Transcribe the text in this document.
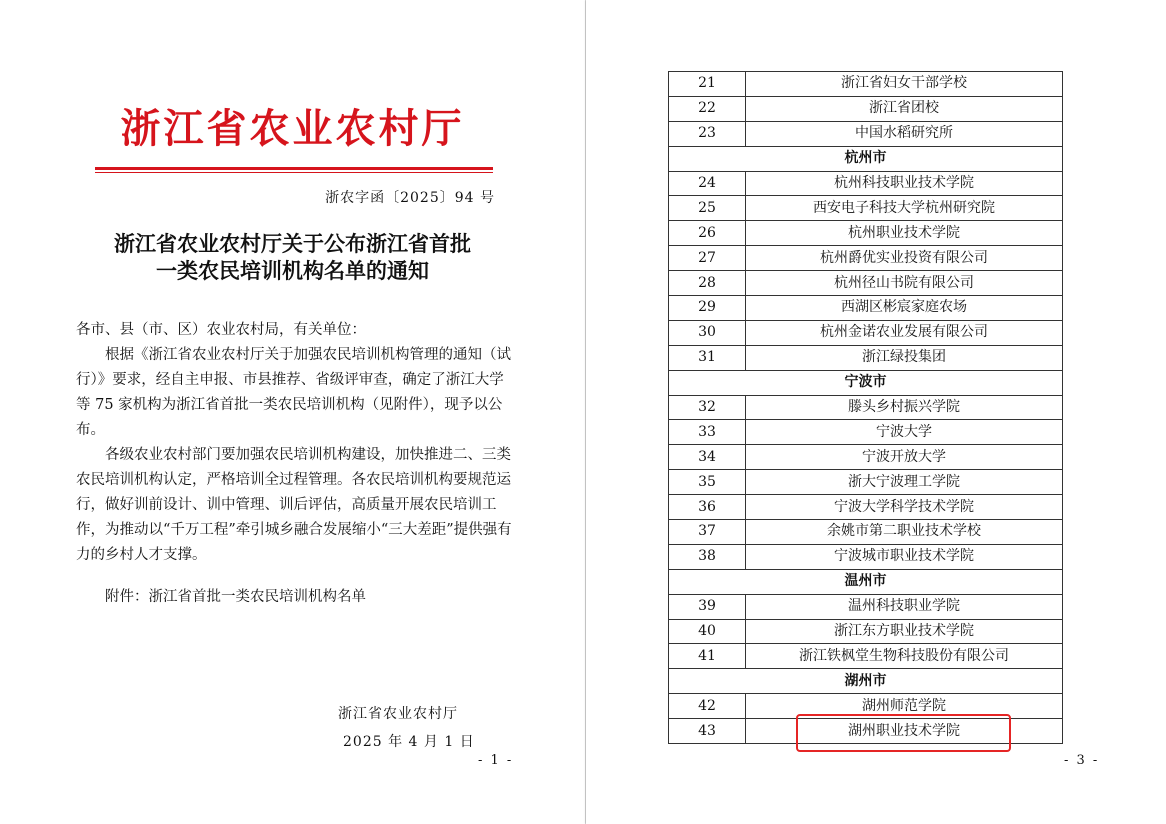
浙江省农业农村厅
浙农字函〔2025〕94 号
浙江省农业农村厅关于公布浙江省首批
一类农民培训机构名单的通知

各市、县（市、区）农业农村局，有关单位：

根据《浙江省农业农村厅关于加强农民培训机构管理的通知（试行）》要求，经自主申报、市县推荐、省级评审查，确定了浙江大学等 75 家机构为浙江省首批一类农民培训机构（见附件），现予以公布。

各级农业农村部门要加强农民培训机构建设，加快推进二、三类农民培训机构认定，严格培训全过程管理。各农民培训机构要规范运行，做好训前设计、训中管理、训后评估，高质量开展农民培训工作，为推动以“千万工程”牵引城乡融合发展缩小“三大差距”提供强有力的乡村人才支撑。

附件：浙江省首批一类农民培训机构名单

浙江省农业农村厅
2025 年 4 月 1 日
- 1 -
21	浙江省妇女干部学校
22	浙江省团校
23	中国水稻研究所
杭州市	
24	杭州科技职业技术学院
25	西安电子科技大学杭州研究院
26	杭州职业技术学院
27	杭州爵优实业投资有限公司
28	杭州径山书院有限公司
29	西湖区彬宸家庭农场
30	杭州金诺农业发展有限公司
31	浙江绿投集团
宁波市	
32	滕头乡村振兴学院
33	宁波大学
34	宁波开放大学
35	浙大宁波理工学院
36	宁波大学科学技术学院
37	余姚市第二职业技术学校
38	宁波城市职业技术学院
温州市	
39	温州科技职业学院
40	浙江东方职业技术学院
41	浙江铁枫堂生物科技股份有限公司
湖州市	
42	湖州师范学院
43	湖州职业技术学院
- 3 -
